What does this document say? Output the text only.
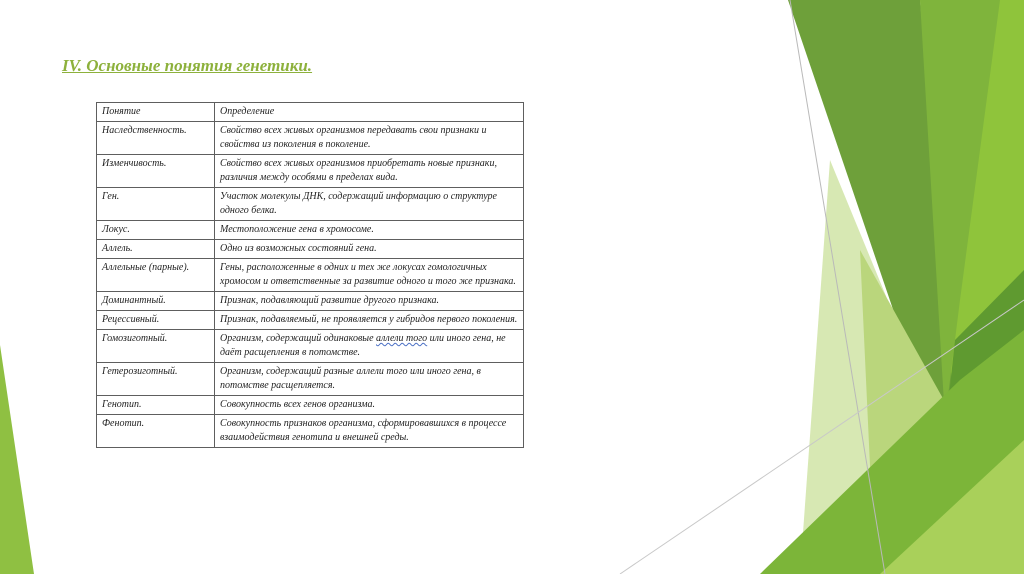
IV. Основные понятия генетики.
Понятие	Определение
Наследственность.	Свойство всех живых организмов передавать свои признаки и свойства из поколения в поколение.
Изменчивость.	Свойство всех живых организмов приобретать новые признаки, различия между особями в пределах вида.
Ген.	Участок молекулы ДНК, содержащий информацию о структуре одного белка.
Локус.	Местоположение гена в хромосоме.
Аллель.	Одно из возможных состояний гена.
Аллельные (парные).	Гены, расположенные в одних и тех же локусах гомологичных хромосом и ответственные за развитие одного и того же признака.
Доминантный.	Признак, подавляющий развитие другого признака.
Рецессивный.	Признак, подавляемый, не проявляется у гибридов первого поколения.
Гомозиготный.	Организм, содержащий одинаковые аллели того или иного гена, не даёт расщепления в потомстве.
Гетерозиготный.	Организм, содержащий разные аллели того или иного гена, в потомстве расщепляется.
Генотип.	Совокупность всех генов организма.
Фенотип.	Совокупность признаков организма, сформировавшихся в процессе взаимодействия генотипа и внешней среды.
